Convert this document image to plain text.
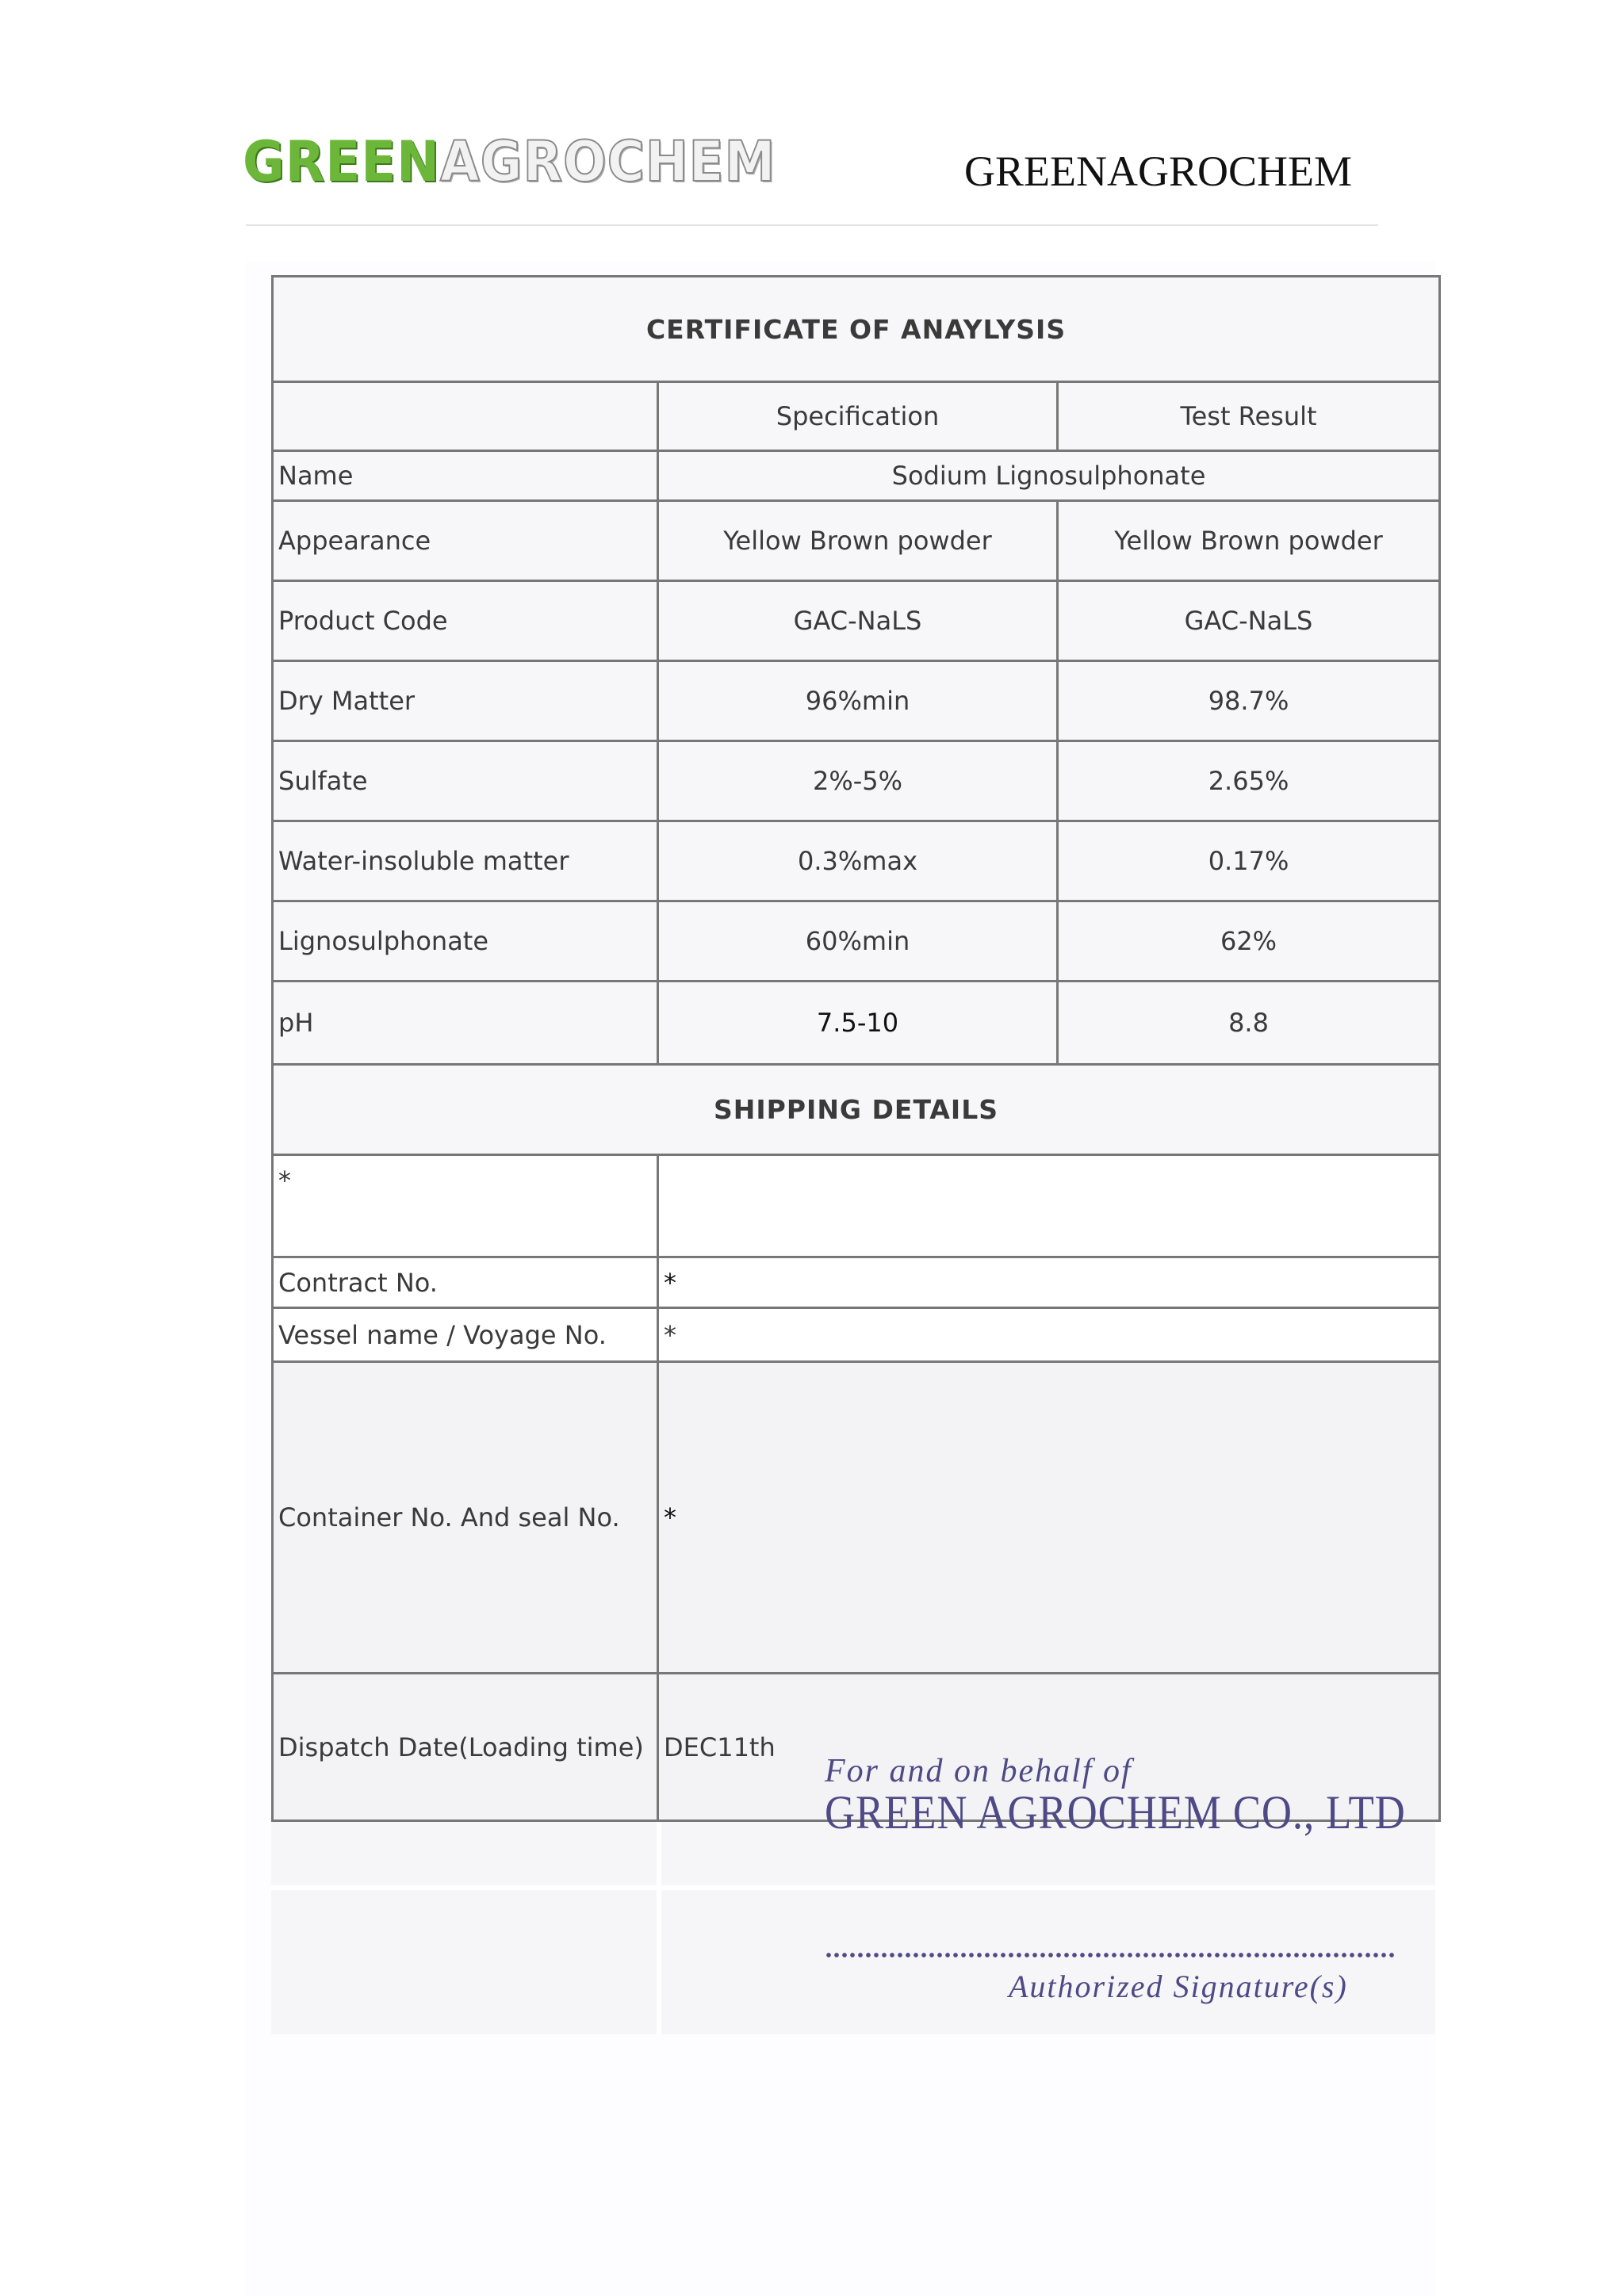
GREENAGROCHEM	GREENAGROCHEM
CERTIFICATE OF ANAYLYSIS		
	Specification	Test Result
Name	Sodium Lignosulphonate	
Appearance	Yellow Brown powder	Yellow Brown powder
Product Code	GAC-NaLS	GAC-NaLS
Dry Matter	96%min	98.7%
Sulfate	2%-5%	2.65%
Water-insoluble matter	0.3%max	0.17%
Lignosulphonate	60%min	62%
pH	7.5-10	8.8
SHIPPING DETAILS		
*		
Contract No.	*	
Vessel name / Voyage No.	*	
Container No. And seal No.	*	
Dispatch Date(Loading time)	DEC11th	
For and on behalf of
GREEN AGROCHEM CO., LTD
Authorized Signature(s)
